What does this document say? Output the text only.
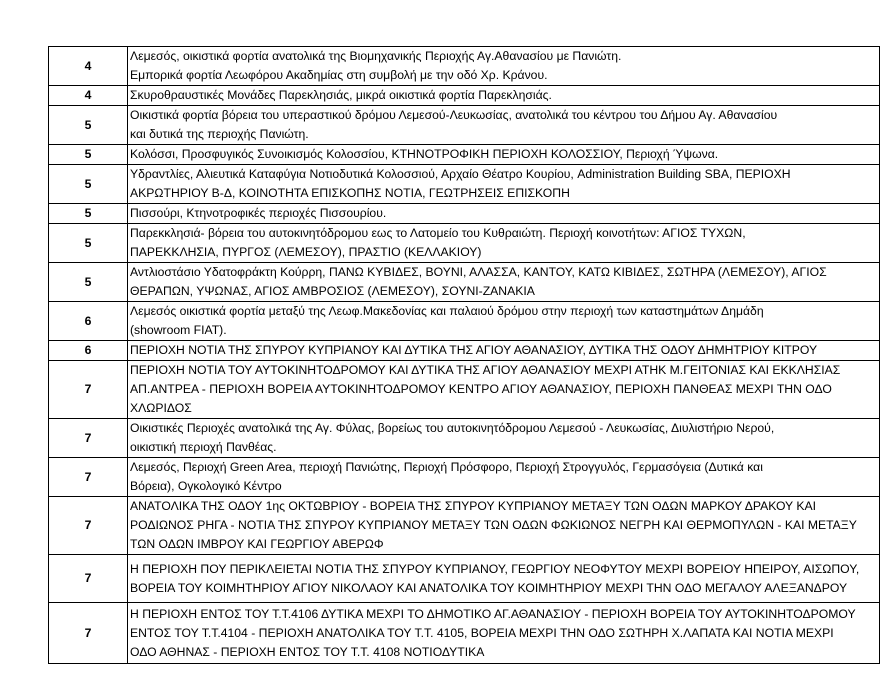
4	Λεμεσός, οικιστικά φορτία ανατολικά της Βιομηχανικής Περιοχής Αγ.Αθανασίου με Πανιώτη.
Εμπορικά φορτία Λεωφόρου Ακαδημίας στη συμβολή με την οδό Χρ. Κράνου.
4	Σκυροθραυστικές Μονάδες Παρεκλησιάς, μικρά οικιστικά φορτία Παρεκλησιάς.
5	Οικιστικά φορτία βόρεια του υπεραστικού δρόμου Λεμεσού-Λευκωσίας, ανατολικά του κέντρου του Δήμου Αγ. Αθανασίου
και δυτικά της περιοχής Πανιώτη.
5	Κολόσσι, Προσφυγικός Συνοικισμός Κολοσσίου, ΚΤΗΝΟΤΡΟΦΙΚΗ ΠΕΡΙΟΧΗ ΚΟΛΟΣΣΙΟΥ, Περιοχή Ύψωνα.
5	Υδραντλίες, Αλιευτικά Καταφύγια Νοτιοδυτικά Κολοσσιού, Αρχαίο Θέατρο Κουρίου, Administration Building SBA, ΠΕΡΙΟΧΗ
ΑΚΡΩΤΗΡΙΟΥ Β-Δ, ΚΟΙΝΟΤΗΤΑ ΕΠΙΣΚΟΠΗΣ ΝΟΤΙΑ, ΓΕΩΤΡΗΣΕΙΣ ΕΠΙΣΚΟΠΗ
5	Πισσούρι, Κτηνοτροφικές περιοχές Πισσουρίου.
5	Παρεκκλησιά- βόρεια του αυτοκινητόδρομου εως το Λατομείο του Κυθραιώτη. Περιοχή κοινοτήτων: ΑΓΙΟΣ ΤΥΧΩΝ,
ΠΑΡΕΚΚΛΗΣΙΑ, ΠΥΡΓΟΣ (ΛΕΜΕΣΟΥ), ΠΡΑΣΤΙΟ (ΚΕΛΛΑΚΙΟΥ)
5	Αντλιοστάσιο Υδατοφράκτη Κούρρη, ΠΑΝΩ ΚΥΒΙΔΕΣ, ΒΟΥΝΙ, ΑΛΑΣΣΑ, ΚΑΝΤΟΥ, ΚΑΤΩ ΚΙΒΙΔΕΣ, ΣΩΤΗΡΑ (ΛΕΜΕΣΟΥ), ΑΓΙΟΣ
ΘΕΡΑΠΩΝ, ΥΨΩΝΑΣ, ΑΓΙΟΣ ΑΜΒΡΟΣΙΟΣ (ΛΕΜΕΣΟΥ), ΣΟΥΝΙ-ΖΑΝΑΚΙΑ
6	Λεμεσός οικιστικά φορτία μεταξύ της Λεωφ.Μακεδονίας και παλαιού δρόμου στην περιοχή των καταστημάτων Δημάδη
(showroom FIAT).
6	ΠΕΡΙΟΧΗ ΝΟΤΙΑ ΤΗΣ ΣΠΥΡΟΥ ΚΥΠΡΙΑΝΟΥ ΚΑΙ ΔΥΤΙΚΑ ΤΗΣ ΑΓΙΟΥ ΑΘΑΝΑΣΙΟΥ, ΔΥΤΙΚΑ ΤΗΣ ΟΔΟΥ ΔΗΜΗΤΡΙΟΥ ΚΙΤΡΟΥ
7	ΠΕΡΙΟΧΗ ΝΟΤΙΑ ΤΟΥ ΑΥΤΟΚΙΝΗΤΟΔΡΟΜΟΥ ΚΑΙ ΔΥΤΙΚΑ ΤΗΣ ΑΓΙΟΥ ΑΘΑΝΑΣΙΟΥ ΜΕΧΡΙ ΑΤΗΚ Μ.ΓΕΙΤΟΝΙΑΣ ΚΑΙ ΕΚΚΛΗΣΙΑΣ
ΑΠ.ΑΝΤΡΕΑ - ΠΕΡΙΟΧΗ ΒΟΡΕΙΑ ΑΥΤΟΚΙΝΗΤΟΔΡΟΜΟΥ ΚΕΝΤΡΟ ΑΓΙΟΥ ΑΘΑΝΑΣΙΟΥ, ΠΕΡΙΟΧΗ ΠΑΝΘΕΑΣ ΜΕΧΡΙ ΤΗΝ ΟΔΟ
ΧΛΩΡΙΔΟΣ
7	Οικιστικές Περιοχές ανατολικά της Αγ. Φύλας, βορείως του αυτοκινητόδρομου Λεμεσού - Λευκωσίας, Διυλιστήριο Νερού,
οικιστική περιοχή Πανθέας.
7	Λεμεσός, Περιοχή Green Area, περιοχή Πανιώτης, Περιοχή Πρόσφορο, Περιοχή Στρογγυλός, Γερμασόγεια (Δυτικά και
Βόρεια), Ογκολογικό Κέντρο
7	ΑΝΑΤΟΛΙΚΑ ΤΗΣ ΟΔΟΥ 1ης ΟΚΤΩΒΡΙΟΥ - ΒΟΡΕΙΑ ΤΗΣ ΣΠΥΡΟΥ ΚΥΠΡΙΑΝΟΥ ΜΕΤΑΞΥ ΤΩΝ ΟΔΩΝ ΜΑΡΚΟΥ ΔΡΑΚΟΥ ΚΑΙ
ΡΟΔΙΩΝΟΣ ΡΗΓΑ - ΝΟΤΙΑ ΤΗΣ ΣΠΥΡΟΥ ΚΥΠΡΙΑΝΟΥ ΜΕΤΑΞΥ ΤΩΝ ΟΔΩΝ ΦΩΚΙΩΝΟΣ ΝΕΓΡΗ ΚΑΙ ΘΕΡΜΟΠΥΛΩΝ - ΚΑΙ ΜΕΤΑΞΥ
ΤΩΝ ΟΔΩΝ ΙΜΒΡΟΥ ΚΑΙ ΓΕΩΡΓΙΟΥ ΑΒΕΡΩΦ
7	Η ΠΕΡΙΟΧΗ ΠΟΥ ΠΕΡΙΚΛΕΙΕΤΑΙ ΝΟΤΙΑ ΤΗΣ ΣΠΥΡΟΥ ΚΥΠΡΙΑΝΟΥ, ΓΕΩΡΓΙΟΥ ΝΕΟΦΥΤΟΥ ΜΕΧΡΙ ΒΟΡΕΙΟΥ ΗΠΕΙΡΟΥ, ΑΙΣΩΠΟΥ,
ΒΟΡΕΙΑ ΤΟΥ ΚΟΙΜΗΤΗΡΙΟΥ ΑΓΙΟΥ ΝΙΚΟΛΑΟΥ ΚΑΙ ΑΝΑΤΟΛΙΚΑ ΤΟΥ ΚΟΙΜΗΤΗΡΙΟΥ ΜΕΧΡΙ ΤΗΝ ΟΔΟ ΜΕΓΑΛΟΥ ΑΛΕΞΑΝΔΡΟΥ
7	Η ΠΕΡΙΟΧΗ ΕΝΤΟΣ ΤΟΥ Τ.Τ.4106 ΔΥΤΙΚΑ ΜΕΧΡΙ ΤΟ ΔΗΜΟΤΙΚΟ ΑΓ.ΑΘΑΝΑΣΙΟΥ - ΠΕΡΙΟΧΗ ΒΟΡΕΙΑ ΤΟΥ ΑΥΤΟΚΙΝΗΤΟΔΡΟΜΟΥ
ΕΝΤΟΣ ΤΟΥ Τ.Τ.4104 - ΠΕΡΙΟΧΗ ΑΝΑΤΟΛΙΚΑ ΤΟΥ Τ.Τ. 4105, ΒΟΡΕΙΑ ΜΕΧΡΙ ΤΗΝ ΟΔΟ ΣΩΤΗΡΗ Χ.ΛΑΠΑΤΑ ΚΑΙ ΝΟΤΙΑ ΜΕΧΡΙ
ΟΔΟ ΑΘΗΝΑΣ - ΠΕΡΙΟΧΗ ΕΝΤΟΣ ΤΟΥ Τ.Τ. 4108 ΝΟΤΙΟΔΥΤΙΚΑ
